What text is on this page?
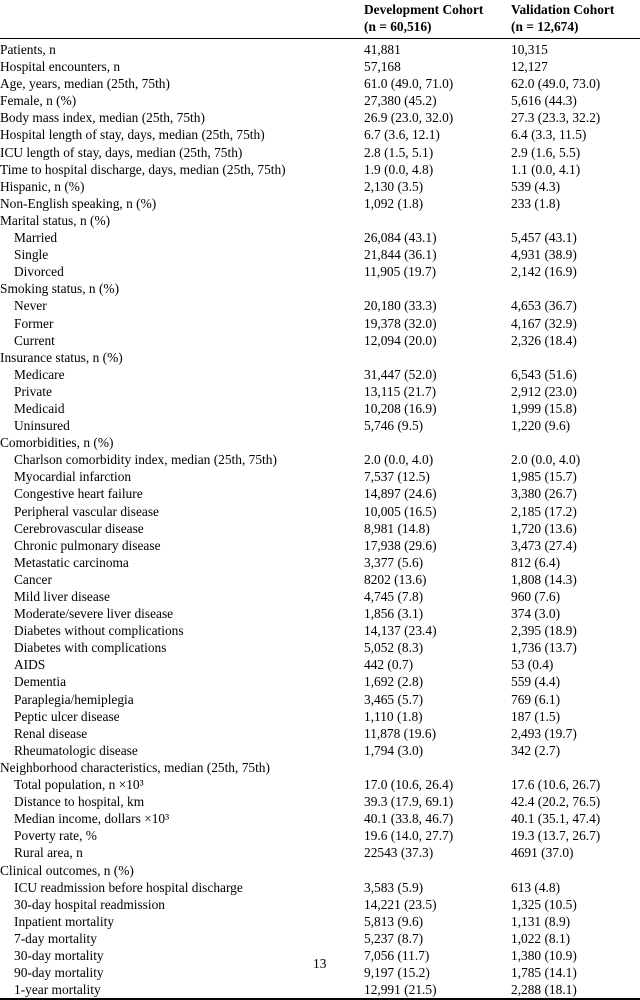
Development Cohort
(n = 60,516)

Validation Cohort
(n = 12,674)

Patients, n	41,881	10,315
Hospital encounters, n	57,168	12,127
Age, years, median (25th, 75th)	61.0 (49.0, 71.0)	62.0 (49.0, 73.0)
Female, n (%)	27,380 (45.2)	5,616 (44.3)
Body mass index, median (25th, 75th)	26.9 (23.0, 32.0)	27.3 (23.3, 32.2)
Hospital length of stay, days, median (25th, 75th)	6.7 (3.6, 12.1)	6.4 (3.3, 11.5)
ICU length of stay, days, median (25th, 75th)	2.8 (1.5, 5.1)	2.9 (1.6, 5.5)
Time to hospital discharge, days, median (25th, 75th)	1.9 (0.0, 4.8)	1.1 (0.0, 4.1)
Hispanic, n (%)	2,130 (3.5)	539 (4.3)
Non-English speaking, n (%)	1,092 (1.8)	233 (1.8)
Marital status, n (%)		
Married	26,084 (43.1)	5,457 (43.1)
Single	21,844 (36.1)	4,931 (38.9)
Divorced	11,905 (19.7)	2,142 (16.9)
Smoking status, n (%)		
Never	20,180 (33.3)	4,653 (36.7)
Former	19,378 (32.0)	4,167 (32.9)
Current	12,094 (20.0)	2,326 (18.4)
Insurance status, n (%)		
Medicare	31,447 (52.0)	6,543 (51.6)
Private	13,115 (21.7)	2,912 (23.0)
Medicaid	10,208 (16.9)	1,999 (15.8)
Uninsured	5,746 (9.5)	1,220 (9.6)
Comorbidities, n (%)		
Charlson comorbidity index, median (25th, 75th)	2.0 (0.0, 4.0)	2.0 (0.0, 4.0)
Myocardial infarction	7,537 (12.5)	1,985 (15.7)
Congestive heart failure	14,897 (24.6)	3,380 (26.7)
Peripheral vascular disease	10,005 (16.5)	2,185 (17.2)
Cerebrovascular disease	8,981 (14.8)	1,720 (13.6)
Chronic pulmonary disease	17,938 (29.6)	3,473 (27.4)
Metastatic carcinoma	3,377 (5.6)	812 (6.4)
Cancer	8202 (13.6)	1,808 (14.3)
Mild liver disease	4,745 (7.8)	960 (7.6)
Moderate/severe liver disease	1,856 (3.1)	374 (3.0)
Diabetes without complications	14,137 (23.4)	2,395 (18.9)
Diabetes with complications	5,052 (8.3)	1,736 (13.7)
AIDS	442 (0.7)	53 (0.4)
Dementia	1,692 (2.8)	559 (4.4)
Paraplegia/hemiplegia	3,465 (5.7)	769 (6.1)
Peptic ulcer disease	1,110 (1.8)	187 (1.5)
Renal disease	11,878 (19.6)	2,493 (19.7)
Rheumatologic disease	1,794 (3.0)	342 (2.7)
Neighborhood characteristics, median (25th, 75th)		
Total population, n ×10³	17.0 (10.6, 26.4)	17.6 (10.6, 26.7)
Distance to hospital, km	39.3 (17.9, 69.1)	42.4 (20.2, 76.5)
Median income, dollars ×10³	40.1 (33.8, 46.7)	40.1 (35.1, 47.4)
Poverty rate, %	19.6 (14.0, 27.7)	19.3 (13.7, 26.7)
Rural area, n	22543 (37.3)	4691 (37.0)
Clinical outcomes, n (%)		
ICU readmission before hospital discharge	3,583 (5.9)	613 (4.8)
30-day hospital readmission	14,221 (23.5)	1,325 (10.5)
Inpatient mortality	5,813 (9.6)	1,131 (8.9)
7-day mortality	5,237 (8.7)	1,022 (8.1)
30-day mortality	7,056 (11.7)	1,380 (10.9)
90-day mortality	9,197 (15.2)	1,785 (14.1)
1-year mortality	12,991 (21.5)	2,288 (18.1)
13
